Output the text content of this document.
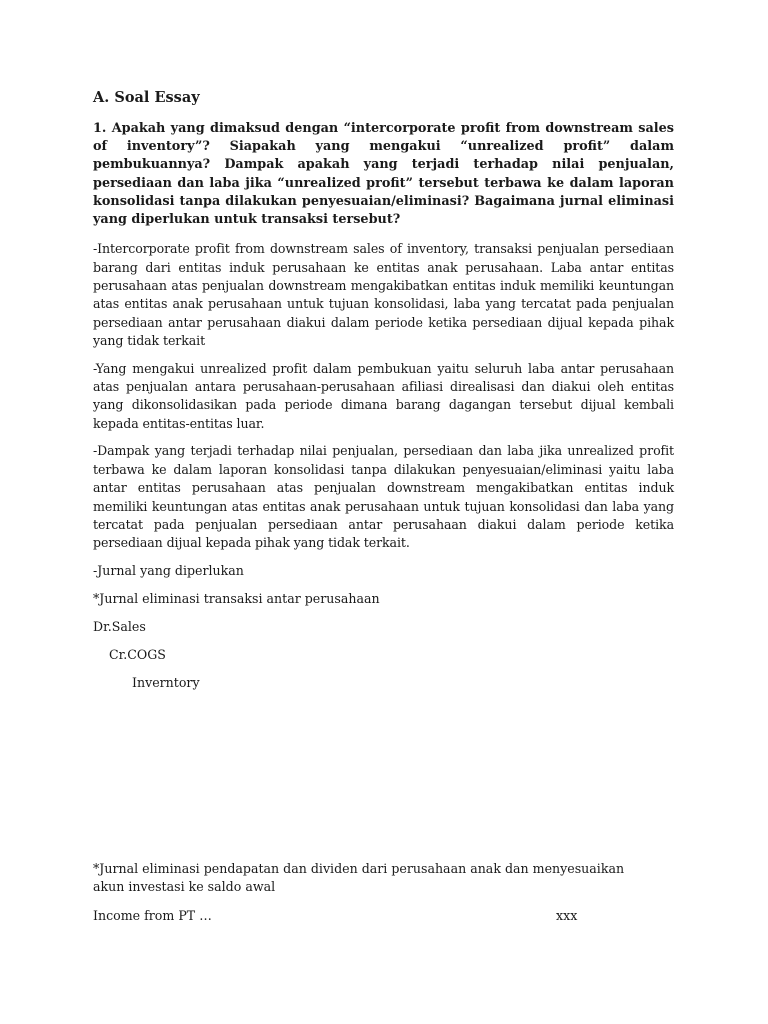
A. Soal Essay
1. Apakah yang dimaksud dengan “intercorporate profit from downstream sales of inventory”? Siapakah yang mengakui “unrealized profit” dalam pembukuannya? Dampak apakah yang terjadi terhadap nilai penjualan, persediaan dan laba jika “unrealized profit” tersebut terbawa ke dalam laporan konsolidasi tanpa dilakukan penyesuaian/eliminasi? Bagaimana jurnal eliminasi yang diperlukan untuk transaksi tersebut?
-Intercorporate profit from downstream sales of inventory, transaksi penjualan persediaan barang dari entitas induk perusahaan ke entitas anak perusahaan. Laba antar entitas perusahaan atas penjualan downstream mengakibatkan entitas induk memiliki keuntungan atas entitas anak perusahaan untuk tujuan konsolidasi, laba yang tercatat pada penjualan persediaan antar perusahaan diakui dalam periode ketika persediaan dijual kepada pihak yang tidak terkait
-Yang mengakui unrealized profit dalam pembukuan yaitu seluruh laba antar perusahaan atas penjualan antara perusahaan-perusahaan afiliasi direalisasi dan diakui oleh entitas yang dikonsolidasikan pada periode dimana barang dagangan tersebut dijual kembali kepada entitas-entitas luar.
-Dampak yang terjadi terhadap nilai penjualan, persediaan dan laba jika unrealized profit terbawa ke dalam laporan konsolidasi tanpa dilakukan penyesuaian/eliminasi yaitu laba antar entitas perusahaan atas penjualan downstream mengakibatkan entitas induk memiliki keuntungan atas entitas anak perusahaan untuk tujuan konsolidasi dan laba yang tercatat pada penjualan persediaan antar perusahaan diakui dalam periode ketika persediaan dijual kepada pihak yang tidak terkait.
-Jurnal yang diperlukan
*Jurnal eliminasi transaksi antar perusahaan
Dr.Sales
Cr.COGS
Inverntory
*Jurnal eliminasi pendapatan dan dividen dari perusahaan anak dan menyesuaikan akun investasi ke saldo awal
Income from PT …	xxx
